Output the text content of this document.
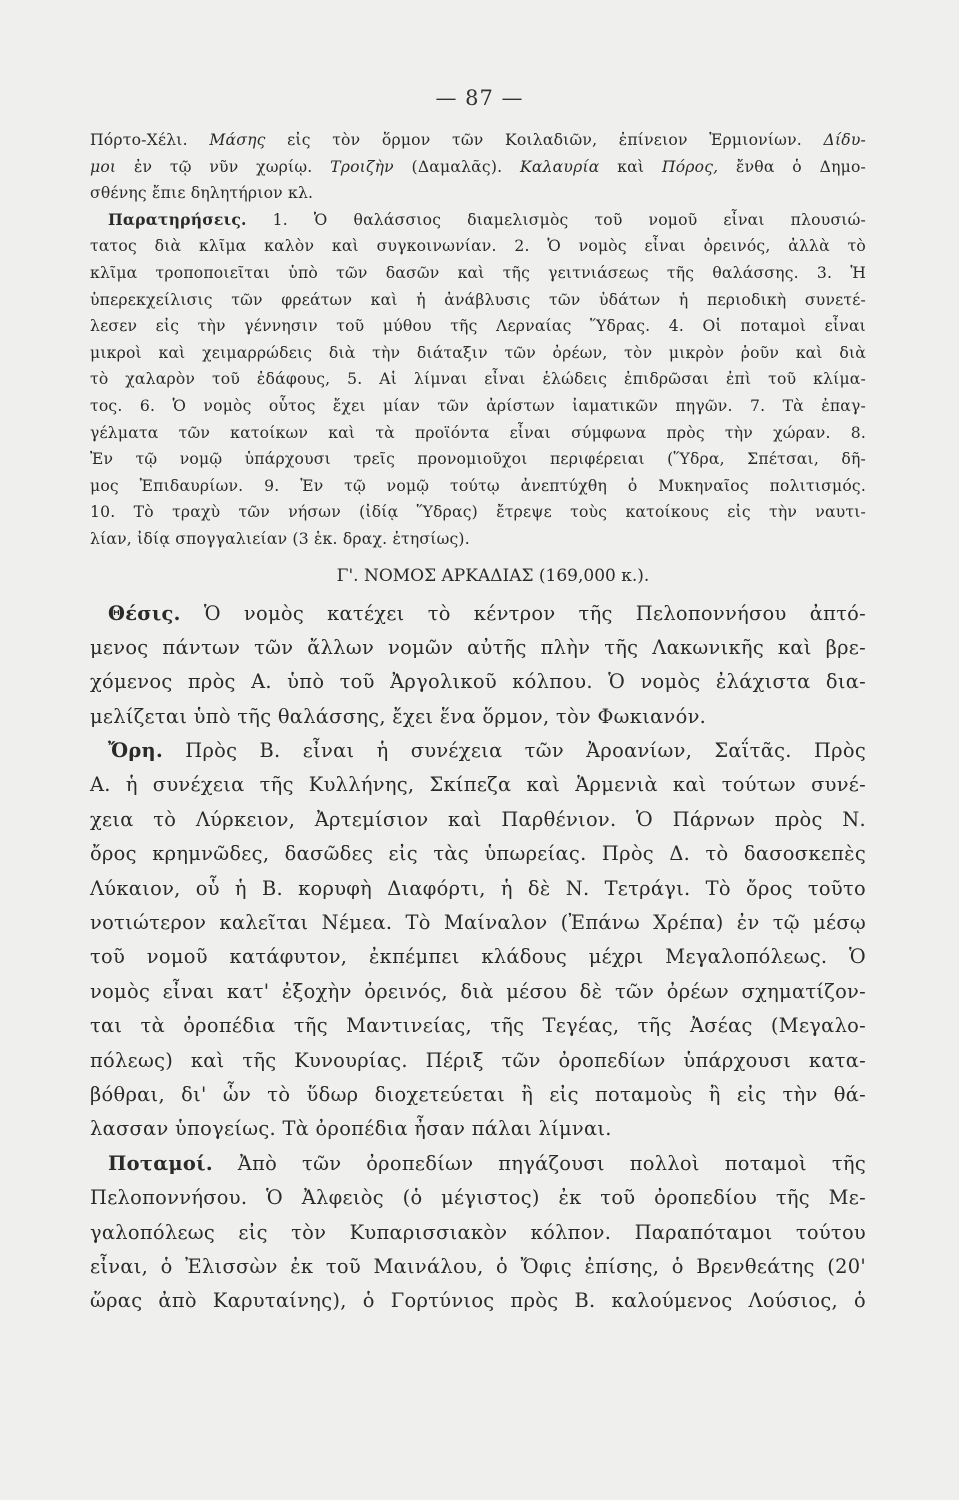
— 87 —
Πόρτο-Χέλι. Μάσης εἰς τὸν ὅρμον τῶν Κοιλαδιῶν, ἐπίνειον Ἑρμιονίων. Δίδυ-
μοι ἐν τῷ νῦν χωρίῳ. Τροιζὴν (Δαμαλᾶς). Καλαυρία καὶ Πόρος, ἔνθα ὁ Δημο-
σθένης ἔπιε δηλητήριον κλ.
Παρατηρήσεις. 1. Ὁ θαλάσσιος διαμελισμὸς τοῦ νομοῦ εἶναι πλουσιώ-
τατος διὰ κλῖμα καλὸν καὶ συγκοινωνίαν. 2. Ὁ νομὸς εἶναι ὀρεινός, ἀλλὰ τὸ
κλῖμα τροποποιεῖται ὑπὸ τῶν δασῶν καὶ τῆς γειτνιάσεως τῆς θαλάσσης. 3. Ἡ
ὑπερεκχείλισις τῶν φρεάτων καὶ ἡ ἀνάβλυσις τῶν ὑδάτων ἡ περιοδικὴ συνετέ-
λεσεν εἰς τὴν γέννησιν τοῦ μύθου τῆς Λερναίας Ὕδρας. 4. Οἱ ποταμοὶ εἶναι
μικροὶ καὶ χειμαρρώδεις διὰ τὴν διάταξιν τῶν ὀρέων, τὸν μικρὸν ῥοῦν καὶ διὰ
τὸ χαλαρὸν τοῦ ἐδάφους, 5. Αἱ λίμναι εἶναι ἑλώδεις ἐπιδρῶσαι ἐπὶ τοῦ κλίμα-
τος. 6. Ὁ νομὸς οὗτος ἔχει μίαν τῶν ἀρίστων ἰαματικῶν πηγῶν. 7. Τὰ ἐπαγ-
γέλματα τῶν κατοίκων καὶ τὰ προϊόντα εἶναι σύμφωνα πρὸς τὴν χώραν. 8.
Ἐν τῷ νομῷ ὑπάρχουσι τρεῖς προνομιοῦχοι περιφέρειαι (Ὕδρα, Σπέτσαι, δῆ-
μος Ἐπιδαυρίων. 9. Ἐν τῷ νομῷ τούτῳ ἀνεπτύχθη ὁ Μυκηναῖος πολιτισμός.
10. Τὸ τραχὺ τῶν νήσων (ἰδίᾳ Ὕδρας) ἔτρεψε τοὺς κατοίκους εἰς τὴν ναυτι-
λίαν, ἰδίᾳ σπογγαλιείαν (3 ἑκ. δραχ. ἐτησίως).
Γ'. ΝΟΜΟΣ ΑΡΚΑΔΙΑΣ (169,000 κ.).
Θέσις. Ὁ νομὸς κατέχει τὸ κέντρον τῆς Πελοποννήσου ἀπτό-
μενος πάντων τῶν ἄλλων νομῶν αὐτῆς πλὴν τῆς Λακωνικῆς καὶ βρε-
χόμενος πρὸς Α. ὑπὸ τοῦ Ἀργολικοῦ κόλπου. Ὁ νομὸς ἐλάχιστα δια-
μελίζεται ὑπὸ τῆς θαλάσσης, ἔχει ἕνα ὅρμον, τὸν Φωκιανόν.
Ὄρη. Πρὸς Β. εἶναι ἡ συνέχεια τῶν Ἀροανίων, Σαΐτᾶς. Πρὸς
Α. ἡ συνέχεια τῆς Κυλλήνης, Σκίπεζα καὶ Ἁρμενιὰ καὶ τούτων συνέ-
χεια τὸ Λύρκειον, Ἀρτεμίσιον καὶ Παρθένιον. Ὁ Πάρνων πρὸς Ν.
ὄρος κρημνῶδες, δασῶδες εἰς τὰς ὑπωρείας. Πρὸς Δ. τὸ δασοσκεπὲς
Λύκαιον, οὗ ἡ Β. κορυφὴ Διαφόρτι, ἡ δὲ Ν. Τετράγι. Τὸ ὄρος τοῦτο
νοτιώτερον καλεῖται Νέμεα. Τὸ Μαίναλον (Ἐπάνω Χρέπα) ἐν τῷ μέσῳ
τοῦ νομοῦ κατάφυτον, ἐκπέμπει κλάδους μέχρι Μεγαλοπόλεως. Ὁ
νομὸς εἶναι κατ' ἐξοχὴν ὀρεινός, διὰ μέσου δὲ τῶν ὀρέων σχηματίζον-
ται τὰ ὀροπέδια τῆς Μαντινείας, τῆς Τεγέας, τῆς Ἀσέας (Μεγαλο-
πόλεως) καὶ τῆς Κυνουρίας. Πέριξ τῶν ὀροπεδίων ὑπάρχουσι κατα-
βόθραι, δι' ὧν τὸ ὕδωρ διοχετεύεται ἢ εἰς ποταμοὺς ἢ εἰς τὴν θά-
λασσαν ὑπογείως. Τὰ ὀροπέδια ἦσαν πάλαι λίμναι.
Ποταμοί. Ἀπὸ τῶν ὀροπεδίων πηγάζουσι πολλοὶ ποταμοὶ τῆς
Πελοποννήσου. Ὁ Ἀλφειὸς (ὁ μέγιστος) ἐκ τοῦ ὀροπεδίου τῆς Με-
γαλοπόλεως εἰς τὸν Κυπαρισσιακὸν κόλπον. Παραπόταμοι τούτου
εἶναι, ὁ Ἐλισσὼν ἐκ τοῦ Μαινάλου, ὁ Ὄφις ἐπίσης, ὁ Βρενθεάτης (20'
ὥρας ἀπὸ Καρυταίνης), ὁ Γορτύνιος πρὸς Β. καλούμενος Λούσιος, ὁ
